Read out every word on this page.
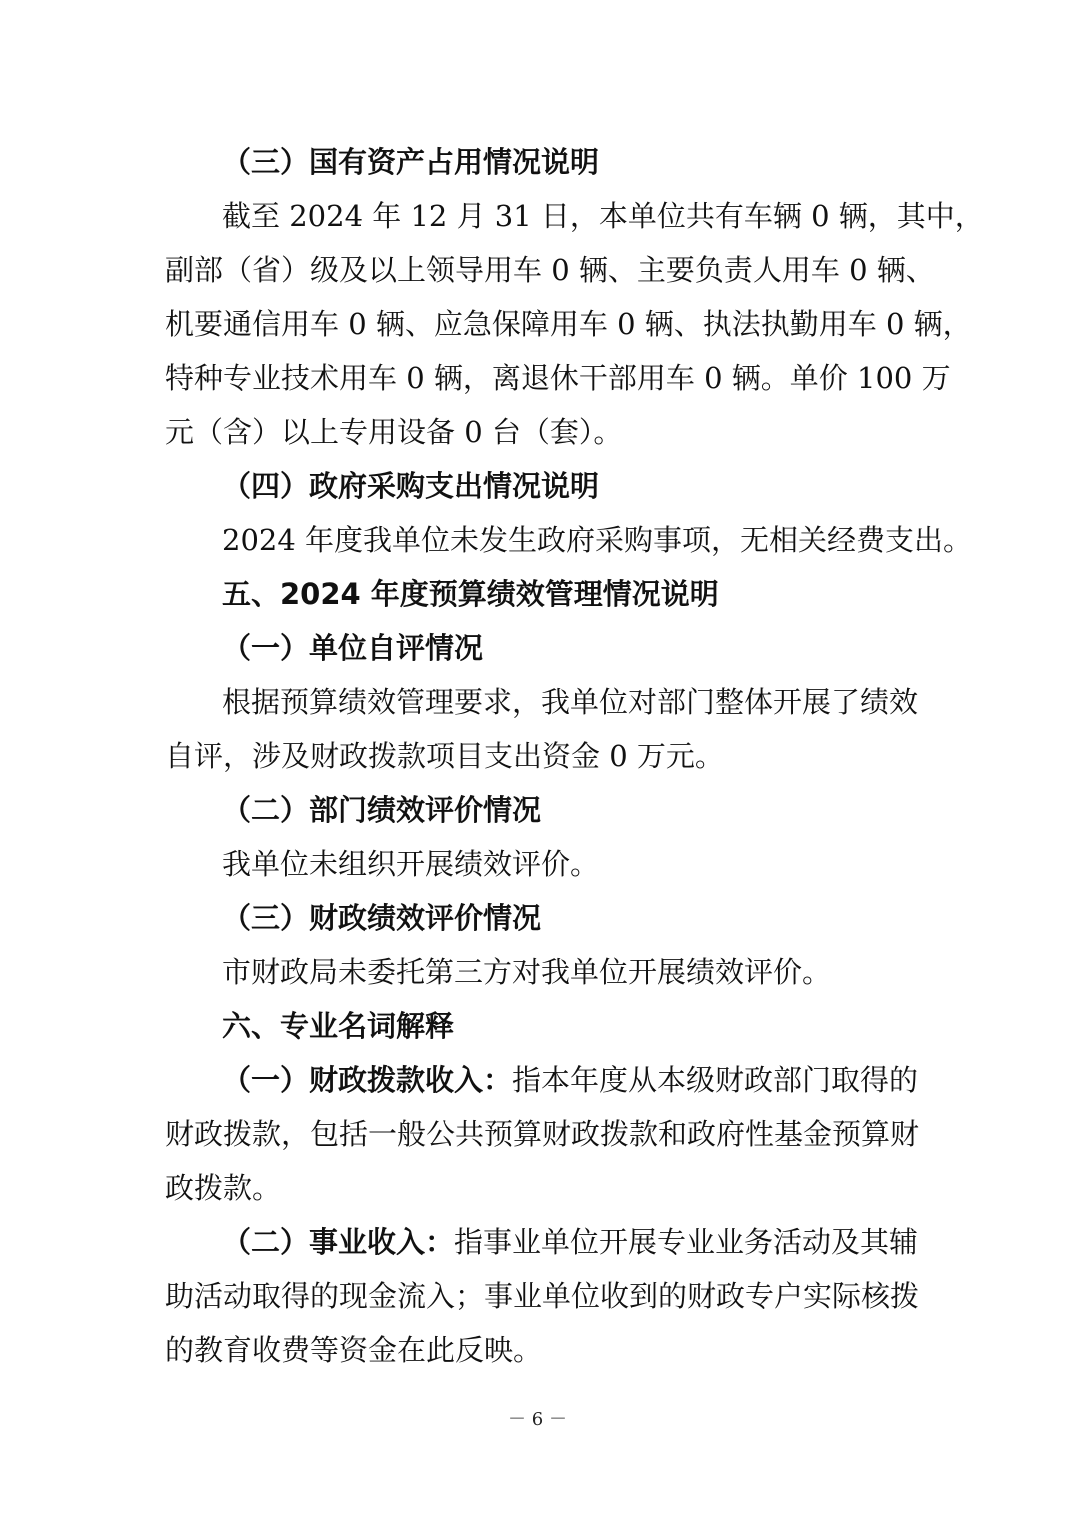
（三）国有资产占用情况说明
截至 2024 年 12 月 31 日，本单位共有车辆 0 辆，其中，
副部（省）级及以上领导用车 0 辆、主要负责人用车 0 辆、
机要通信用车 0 辆、应急保障用车 0 辆、执法执勤用车 0 辆，
特种专业技术用车 0 辆，离退休干部用车 0 辆。单价 100 万
元（含）以上专用设备 0 台（套）。
（四）政府采购支出情况说明
2024 年度我单位未发生政府采购事项，无相关经费支出。
五、2024 年度预算绩效管理情况说明
（一）单位自评情况
根据预算绩效管理要求，我单位对部门整体开展了绩效
自评，涉及财政拨款项目支出资金 0 万元。
（二）部门绩效评价情况
我单位未组织开展绩效评价。
（三）财政绩效评价情况
市财政局未委托第三方对我单位开展绩效评价。
六、专业名词解释
（一）财政拨款收入：指本年度从本级财政部门取得的
财政拨款，包括一般公共预算财政拨款和政府性基金预算财
政拨款。
（二）事业收入：指事业单位开展专业业务活动及其辅
助活动取得的现金流入；事业单位收到的财政专户实际核拨
的教育收费等资金在此反映。
－ 6 －
